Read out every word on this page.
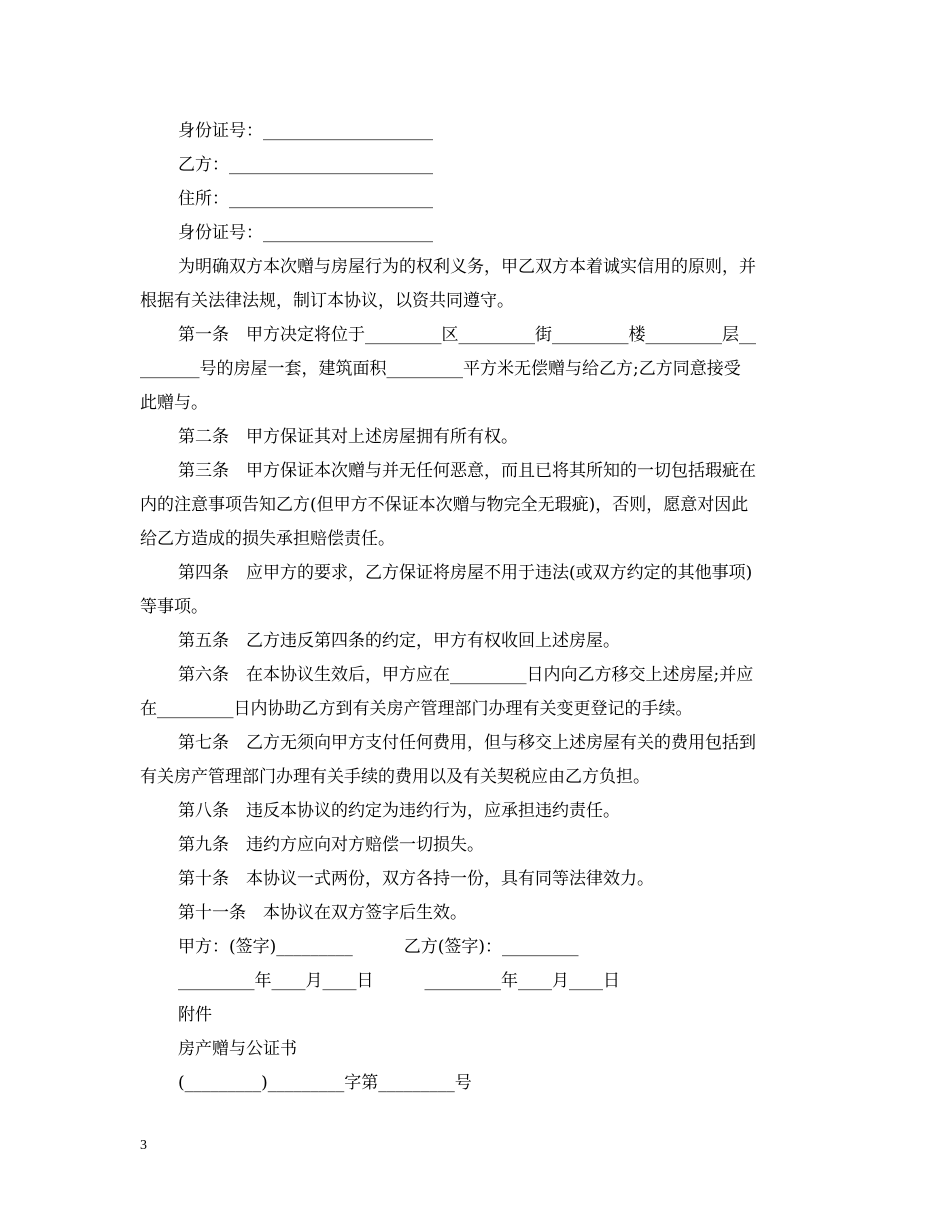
身份证号：____________________
乙方：________________________
住所：________________________
身份证号：____________________
为明确双方本次赠与房屋行为的权利义务，甲乙双方本着诚实信用的原则，并
根据有关法律法规，制订本协议，以资共同遵守。
第一条　甲方决定将位于_________区_________街_________楼_________层__
_______号的房屋一套，建筑面积_________平方米无偿赠与给乙方;乙方同意接受
此赠与。
第二条　甲方保证其对上述房屋拥有所有权。
第三条　甲方保证本次赠与并无任何恶意，而且已将其所知的一切包括瑕疵在
内的注意事项告知乙方(但甲方不保证本次赠与物完全无瑕疵)，否则，愿意对因此
给乙方造成的损失承担赔偿责任。
第四条　应甲方的要求，乙方保证将房屋不用于违法(或双方约定的其他事项)
等事项。
第五条　乙方违反第四条的约定，甲方有权收回上述房屋。
第六条　在本协议生效后，甲方应在_________日内向乙方移交上述房屋;并应
在_________日内协助乙方到有关房产管理部门办理有关变更登记的手续。
第七条　乙方无须向甲方支付任何费用，但与移交上述房屋有关的费用包括到
有关房产管理部门办理有关手续的费用以及有关契税应由乙方负担。
第八条　违反本协议的约定为违约行为，应承担违约责任。
第九条　违约方应向对方赔偿一切损失。
第十条　本协议一式两份，双方各持一份，具有同等法律效力。
第十一条　本协议在双方签字后生效。
甲方：(签字)_________　　　乙方(签字)：_________
_________年____月____日　　　_________年____月____日
附件
房产赠与公证书
(_________)_________字第_________号
3
